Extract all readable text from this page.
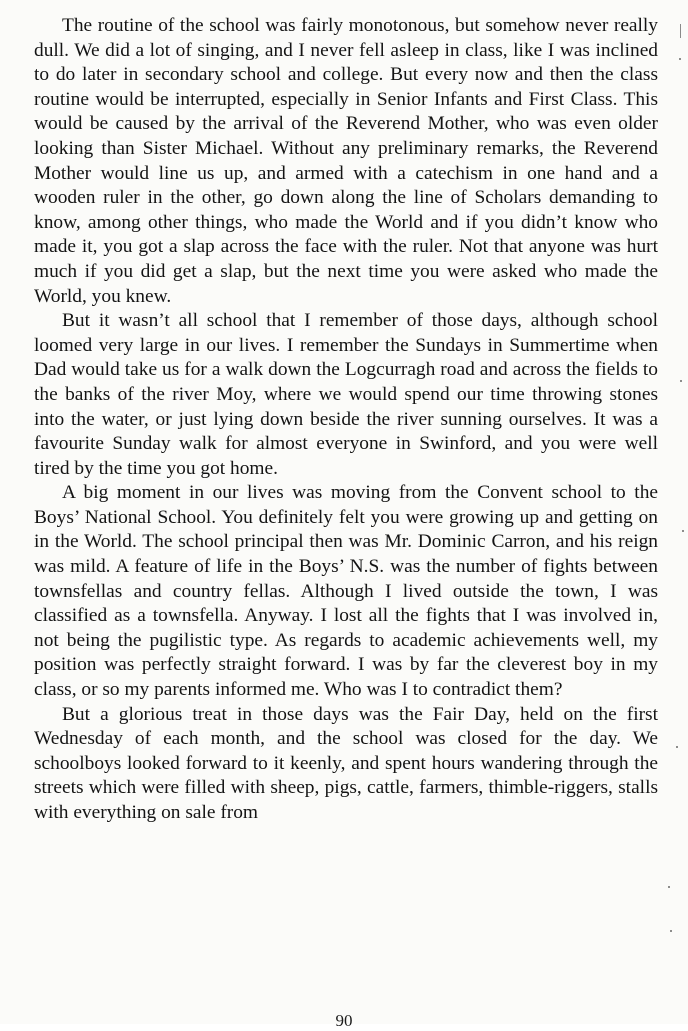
The routine of the school was fairly monotonous, but somehow never really dull. We did a lot of singing, and I never fell asleep in class, like I was inclined to do later in secondary school and college. But every now and then the class routine would be interrupted, especially in Senior Infants and First Class. This would be caused by the arrival of the Reverend Mother, who was even older looking than Sister Michael. Without any preliminary remarks, the Reverend Mother would line us up, and armed with a catechism in one hand and a wooden ruler in the other, go down along the line of Scholars demanding to know, among other things, who made the World and if you didn’t know who made it, you got a slap across the face with the ruler. Not that anyone was hurt much if you did get a slap, but the next time you were asked who made the World, you knew.

But it wasn’t all school that I remember of those days, although school loomed very large in our lives. I remember the Sundays in Summertime when Dad would take us for a walk down the Logcurragh road and across the fields to the banks of the river Moy, where we would spend our time throwing stones into the water, or just lying down beside the river sunning ourselves. It was a favourite Sunday walk for almost everyone in Swinford, and you were well tired by the time you got home.

A big moment in our lives was moving from the Convent school to the Boys’ National School. You definitely felt you were growing up and getting on in the World. The school principal then was Mr. Dominic Carron, and his reign was mild. A feature of life in the Boys’ N.S. was the number of fights between townsfellas and country fellas. Although I lived outside the town, I was classified as a townsfella. Anyway. I lost all the fights that I was involved in, not being the pugilistic type. As regards to academic achievements well, my position was perfectly straight forward. I was by far the cleverest boy in my class, or so my parents informed me. Who was I to contradict them?

But a glorious treat in those days was the Fair Day, held on the first Wednesday of each month, and the school was closed for the day. We schoolboys looked forward to it keenly, and spent hours wandering through the streets which were filled with sheep, pigs, cattle, farmers, thimble-riggers, stalls with everything on sale from

90
